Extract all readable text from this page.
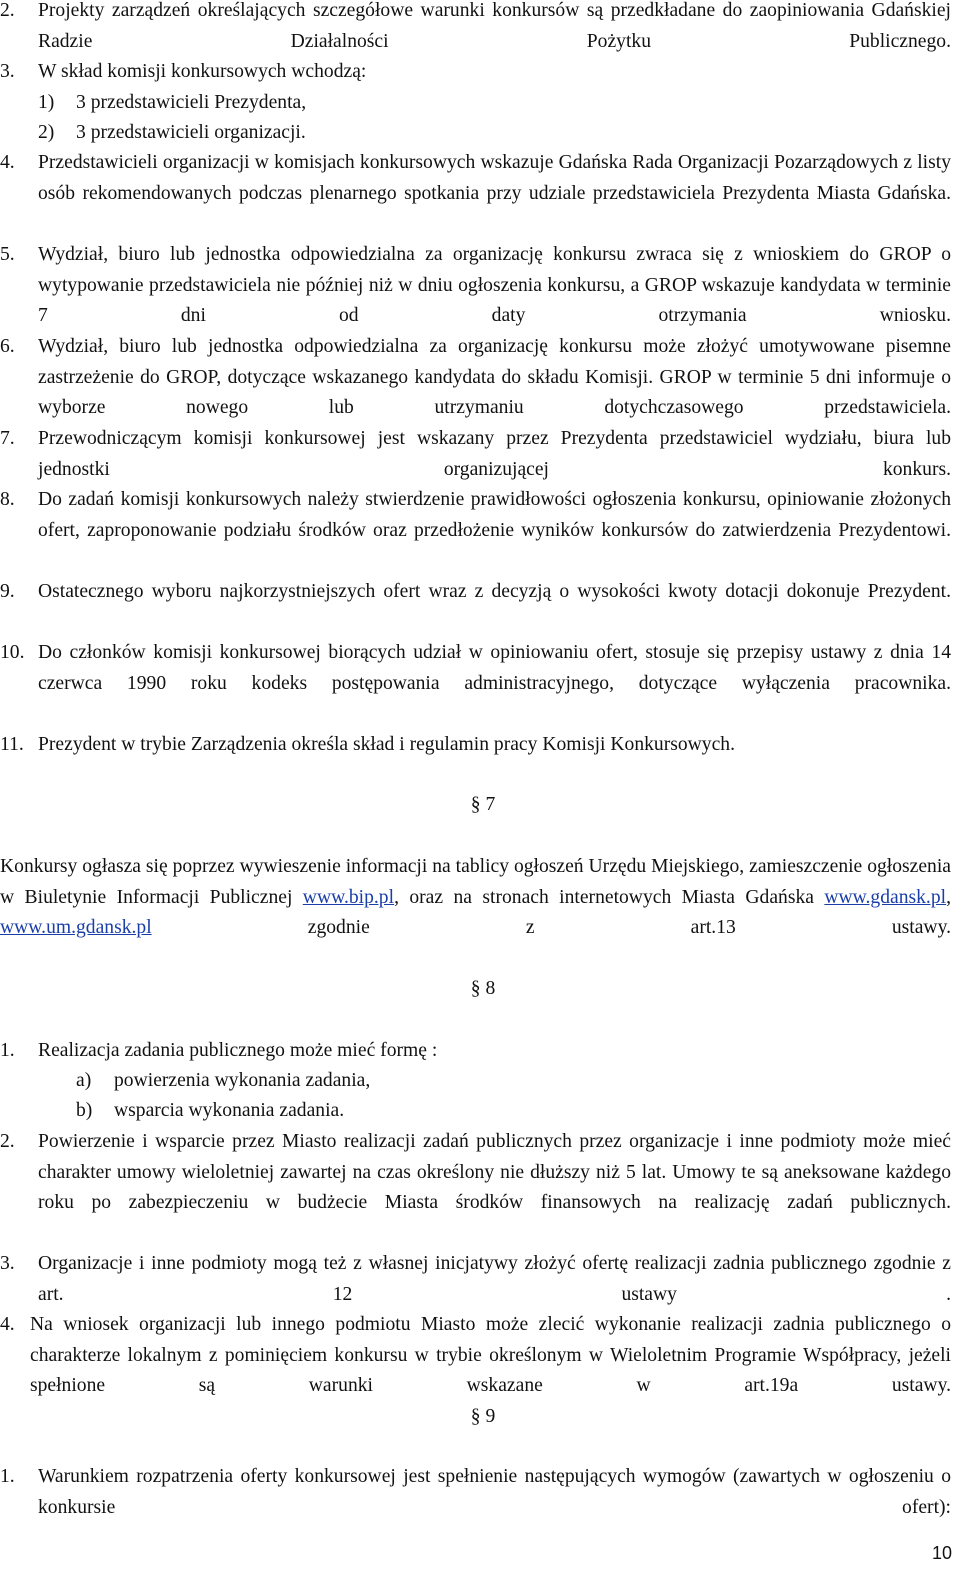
2.	Projekty zarządzeń określających szczegółowe warunki konkursów są przedkładane do zaopiniowania Gdańskiej Radzie Działalności Pożytku Publicznego.
3.	W skład komisji konkursowych wchodzą:
1) 3 przedstawicieli Prezydenta,
2) 3 przedstawicieli organizacji.
4.	Przedstawicieli organizacji w komisjach konkursowych wskazuje Gdańska Rada Organizacji Pozarządowych z listy osób rekomendowanych podczas plenarnego spotkania przy udziale przedstawiciela Prezydenta Miasta Gdańska.
5.	Wydział, biuro lub jednostka odpowiedzialna za organizację konkursu zwraca się z wnioskiem do GROP o wytypowanie przedstawiciela nie później niż w dniu ogłoszenia konkursu, a GROP wskazuje kandydata w terminie 7 dni od daty otrzymania wniosku.
6.	Wydział, biuro lub jednostka odpowiedzialna za organizację konkursu może złożyć umotywowane pisemne zastrzeżenie do GROP, dotyczące wskazanego kandydata do składu Komisji. GROP w terminie 5 dni informuje o wyborze nowego lub utrzymaniu dotychczasowego przedstawiciela.
7.	Przewodniczącym komisji konkursowej jest wskazany przez Prezydenta przedstawiciel wydziału, biura lub jednostki organizującej konkurs.
8.	Do zadań komisji konkursowych należy stwierdzenie prawidłowości ogłoszenia konkursu, opiniowanie złożonych ofert, zaproponowanie podziału środków oraz przedłożenie wyników konkursów do zatwierdzenia Prezydentowi.
9.	Ostatecznego wyboru najkorzystniejszych ofert wraz z decyzją o wysokości kwoty dotacji dokonuje Prezydent.
10. Do członków komisji konkursowej biorących udział w opiniowaniu ofert, stosuje się przepisy ustawy z dnia 14 czerwca 1990 roku kodeks postępowania administracyjnego, dotyczące wyłączenia pracownika.
11. Prezydent w trybie Zarządzenia określa skład i regulamin pracy Komisji Konkursowych.
§ 7
Konkursy ogłasza się poprzez wywieszenie informacji na tablicy ogłoszeń Urzędu Miejskiego, zamieszczenie ogłoszenia w Biuletynie Informacji Publicznej www.bip.pl, oraz na stronach internetowych Miasta Gdańska www.gdansk.pl, www.um.gdansk.pl zgodnie z art.13 ustawy.
§ 8
1.	Realizacja zadania publicznego może mieć formę :
a) powierzenia wykonania zadania,
b) wsparcia wykonania zadania.
2.	Powierzenie i wsparcie przez Miasto realizacji zadań publicznych przez organizacje i inne podmioty może mieć charakter umowy wieloletniej zawartej na czas określony nie dłuższy niż 5 lat. Umowy te są aneksowane każdego roku po zabezpieczeniu w budżecie Miasta środków finansowych na realizację zadań publicznych.
3.	Organizacje i inne podmioty mogą też z własnej inicjatywy złożyć ofertę realizacji zadnia publicznego zgodnie z art. 12 ustawy .
4. Na wniosek organizacji lub innego podmiotu Miasto może zlecić wykonanie realizacji zadnia publicznego o charakterze lokalnym z pominięciem konkursu w trybie określonym w Wieloletnim Programie Współpracy, jeżeli spełnione są warunki wskazane w art.19a ustawy.
§ 9
1.	Warunkiem rozpatrzenia oferty konkursowej jest spełnienie następujących wymogów (zawartych w ogłoszeniu o konkursie ofert):
10
